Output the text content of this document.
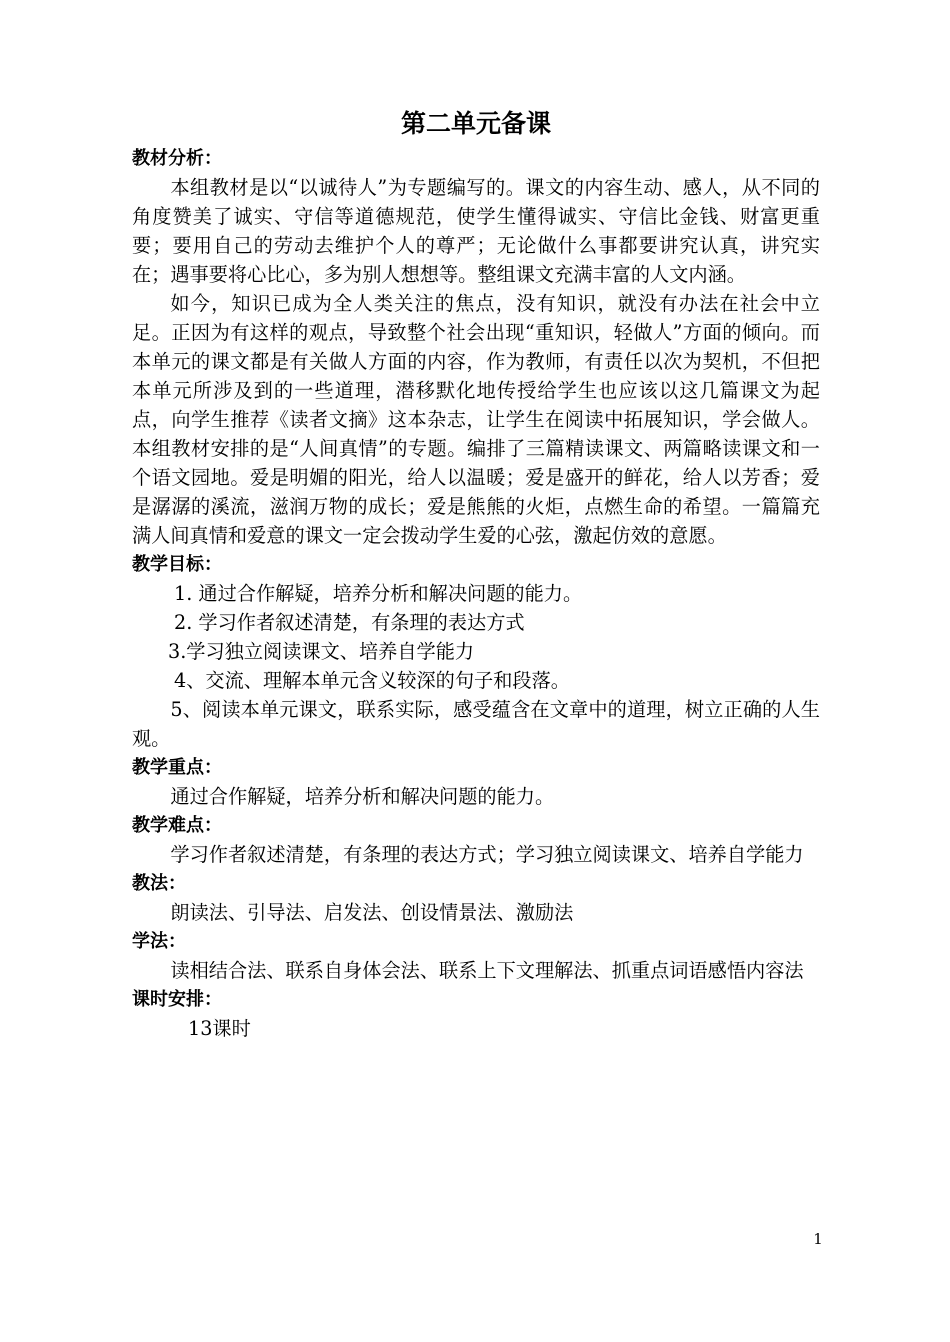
第二单元备课
教材分析：

本组教材是以“以诚待人”为专题编写的。课文的内容生动、感人，从不同的角度赞美了诚实、守信等道德规范，使学生懂得诚实、守信比金钱、财富更重要；要用自己的劳动去维护个人的尊严；无论做什么事都要讲究认真，讲究实在；遇事要将心比心，多为别人想想等。整组课文充满丰富的人文内涵。

如今，知识已成为全人类关注的焦点，没有知识，就没有办法在社会中立足。正因为有这样的观点，导致整个社会出现“重知识，轻做人”方面的倾向。而本单元的课文都是有关做人方面的内容，作为教师，有责任以次为契机，不但把本单元所涉及到的一些道理，潜移默化地传授给学生也应该以这几篇课文为起点，向学生推荐《读者文摘》这本杂志，让学生在阅读中拓展知识，学会做人。本组教材安排的是“人间真情”的专题。编排了三篇精读课文、两篇略读课文和一个语文园地。爱是明媚的阳光，给人以温暖；爱是盛开的鲜花，给人以芳香；爱是潺潺的溪流，滋润万物的成长；爱是熊熊的火炬，点燃生命的希望。一篇篇充满人间真情和爱意的课文一定会拨动学生爱的心弦，激起仿效的意愿。

教学目标：

1. 通过合作解疑，培养分析和解决问题的能力。

2. 学习作者叙述清楚，有条理的表达方式

3.学习独立阅读课文、培养自学能力

4、交流、理解本单元含义较深的句子和段落。

5、阅读本单元课文，联系实际，感受蕴含在文章中的道理，树立正确的人生观。

教学重点：

通过合作解疑，培养分析和解决问题的能力。

教学难点：

学习作者叙述清楚，有条理的表达方式；学习独立阅读课文、培养自学能力

教法：

朗读法、引导法、启发法、创设情景法、激励法

学法：

读相结合法、联系自身体会法、联系上下文理解法、抓重点词语感悟内容法

课时安排：

13课时

1
